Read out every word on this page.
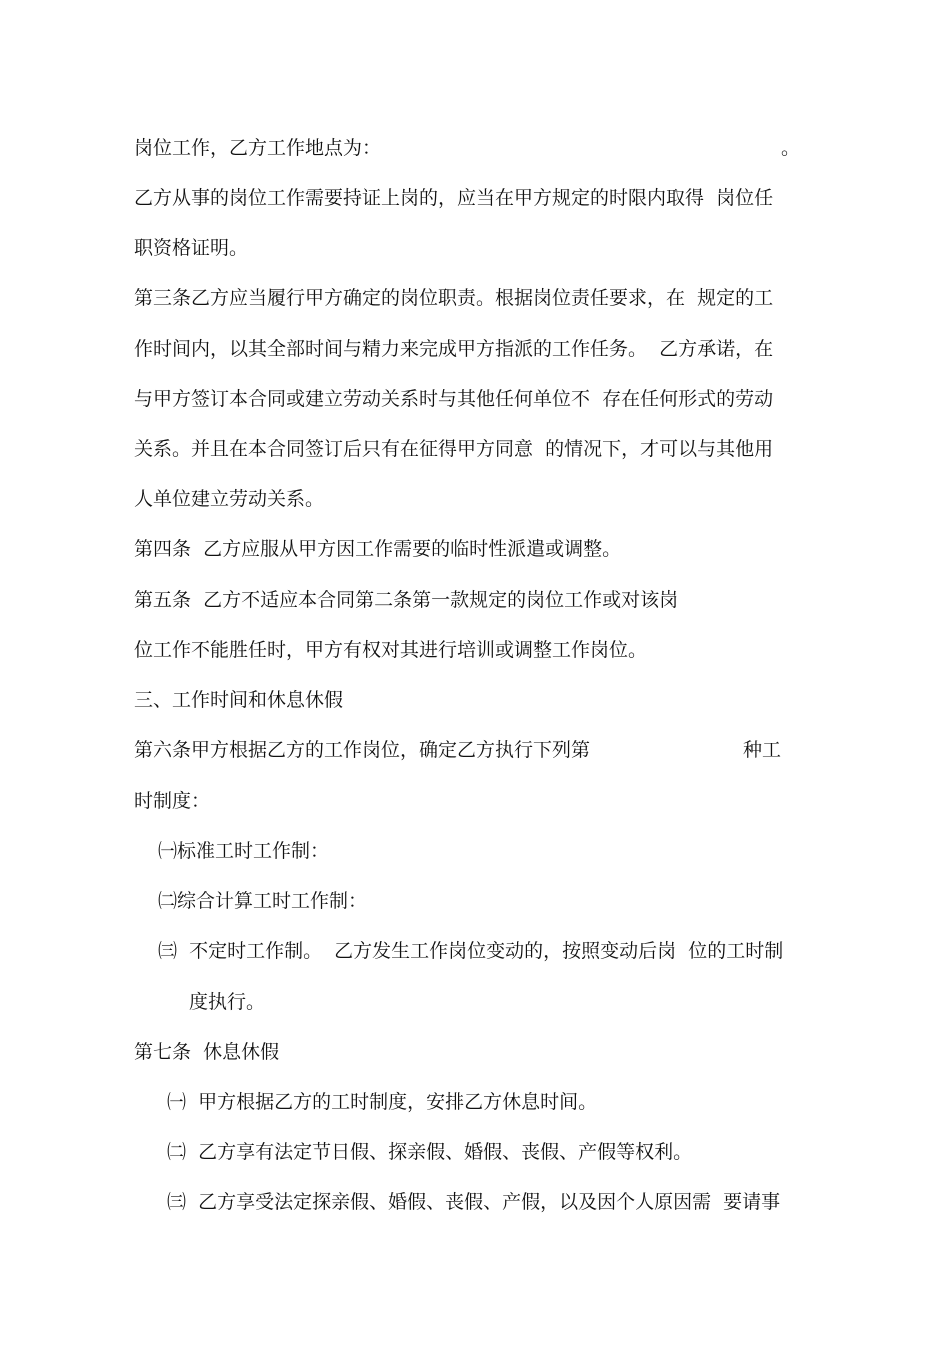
岗位工作，乙方工作地点为：	。
乙方从事的岗位工作需要持证上岗的，应当在甲方规定的时限内取得  岗位任
职资格证明。
第三条乙方应当履行甲方确定的岗位职责。根据岗位责任要求，在  规定的工
作时间内，以其全部时间与精力来完成甲方指派的工作任务。  乙方承诺，在
与甲方签订本合同或建立劳动关系时与其他任何单位不  存在任何形式的劳动
关系。并且在本合同签订后只有在征得甲方同意  的情况下，才可以与其他用
人单位建立劳动关系。
第四条  乙方应服从甲方因工作需要的临时性派遣或调整。
第五条  乙方不适应本合同第二条第一款规定的岗位工作或对该岗
位工作不能胜任时，甲方有权对其进行培训或调整工作岗位。
三、工作时间和休息休假
第六条甲方根据乙方的工作岗位，确定乙方执行下列第	种工
时制度：
㈠标准工时工作制：
㈡综合计算工时工作制：
㈢  不定时工作制。  乙方发生工作岗位变动的，按照变动后岗  位的工时制
度执行。
第七条  休息休假
㈠  甲方根据乙方的工时制度，安排乙方休息时间。
㈡  乙方享有法定节日假、探亲假、婚假、丧假、产假等权利。
㈢  乙方享受法定探亲假、婚假、丧假、产假，以及因个人原因需  要请事
